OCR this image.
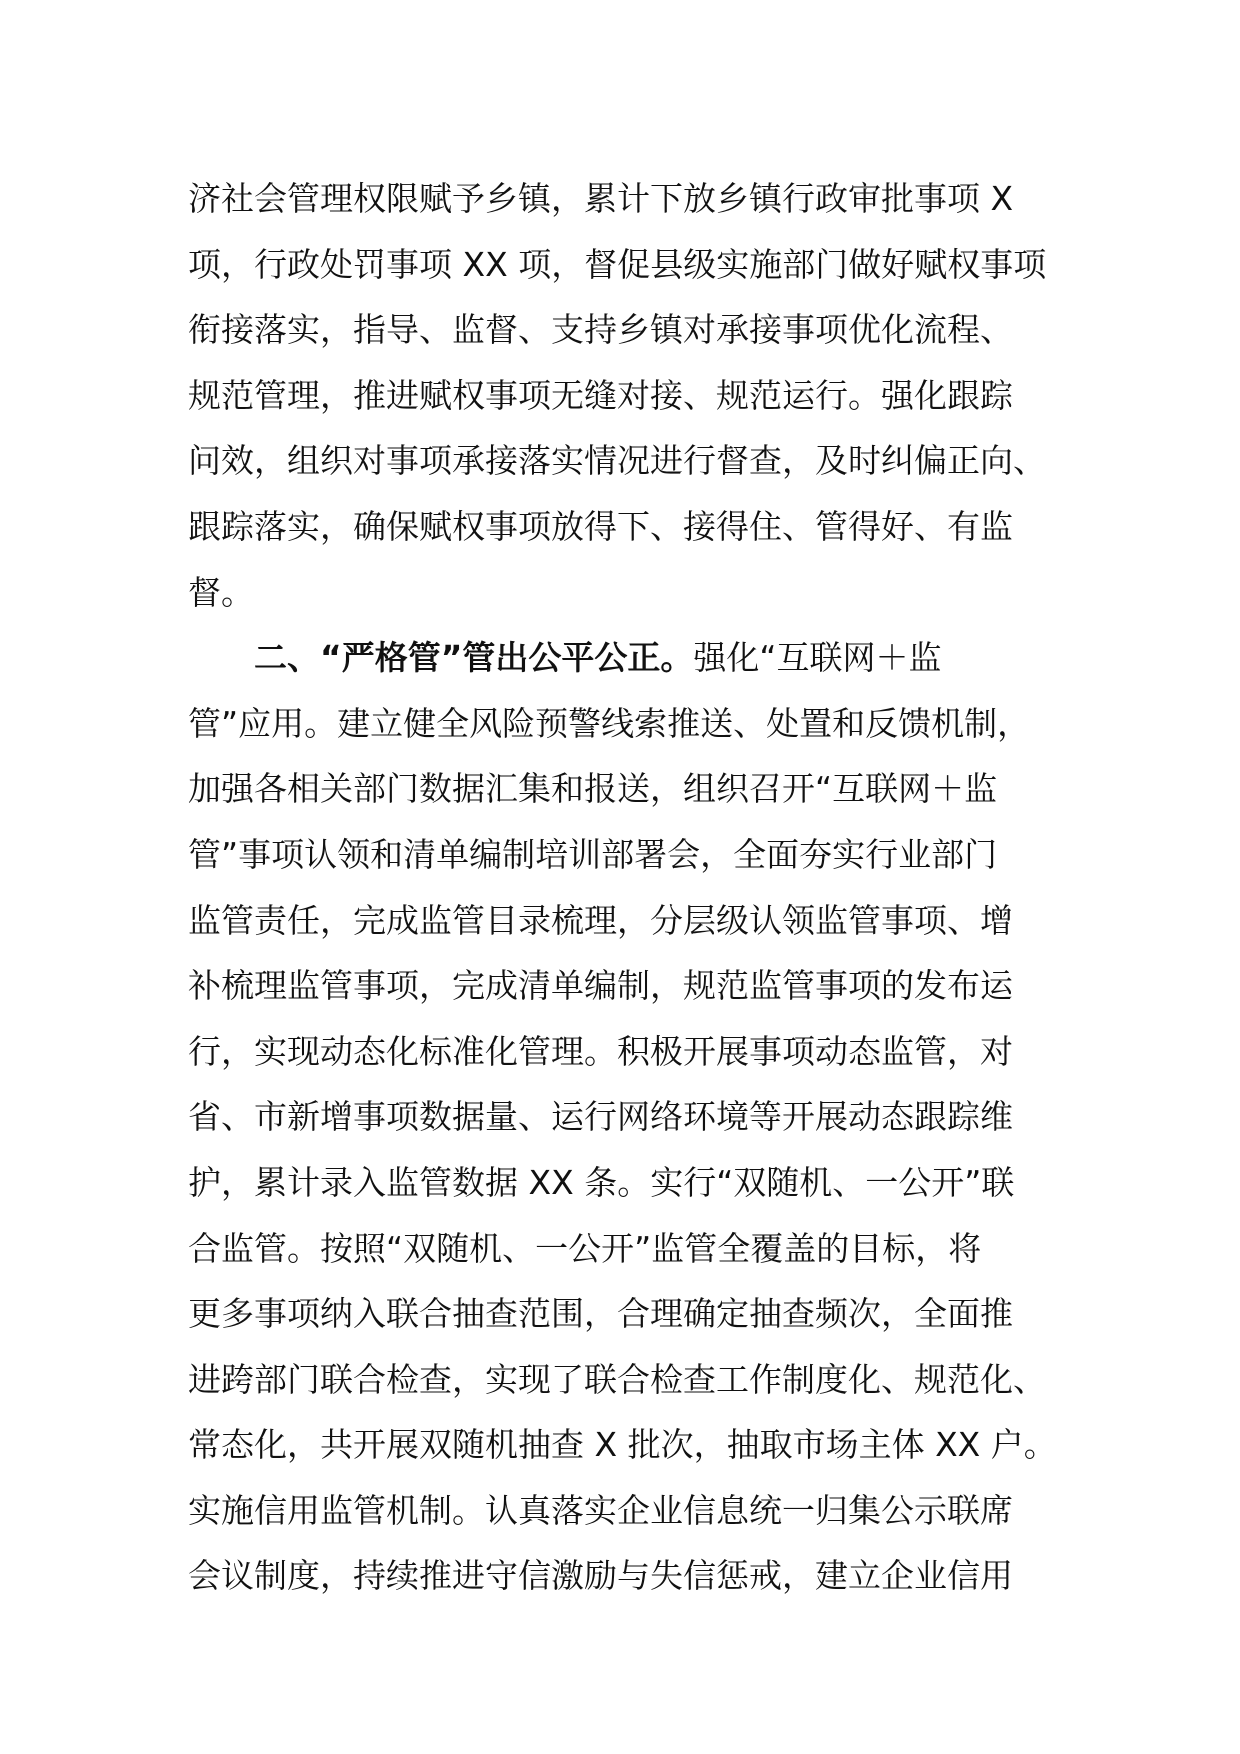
济社会管理权限赋予乡镇，累计下放乡镇行政审批事项 X
项，行政处罚事项 XX 项，督促县级实施部门做好赋权事项
衔接落实，指导、监督、支持乡镇对承接事项优化流程、
规范管理，推进赋权事项无缝对接、规范运行。强化跟踪
问效，组织对事项承接落实情况进行督查，及时纠偏正向、
跟踪落实，确保赋权事项放得下、接得住、管得好、有监
督。
二、“严格管”管出公平公正。强化“互联网＋监
管”应用。建立健全风险预警线索推送、处置和反馈机制，
加强各相关部门数据汇集和报送，组织召开“互联网＋监
管”事项认领和清单编制培训部署会，全面夯实行业部门
监管责任，完成监管目录梳理，分层级认领监管事项、增
补梳理监管事项，完成清单编制，规范监管事项的发布运
行，实现动态化标准化管理。积极开展事项动态监管，对
省、市新增事项数据量、运行网络环境等开展动态跟踪维
护，累计录入监管数据 XX 条。实行“双随机、一公开”联
合监管。按照“双随机、一公开”监管全覆盖的目标，将
更多事项纳入联合抽查范围，合理确定抽查频次，全面推
进跨部门联合检查，实现了联合检查工作制度化、规范化、
常态化，共开展双随机抽查 X 批次，抽取市场主体 XX 户。
实施信用监管机制。认真落实企业信息统一归集公示联席
会议制度，持续推进守信激励与失信惩戒，建立企业信用
